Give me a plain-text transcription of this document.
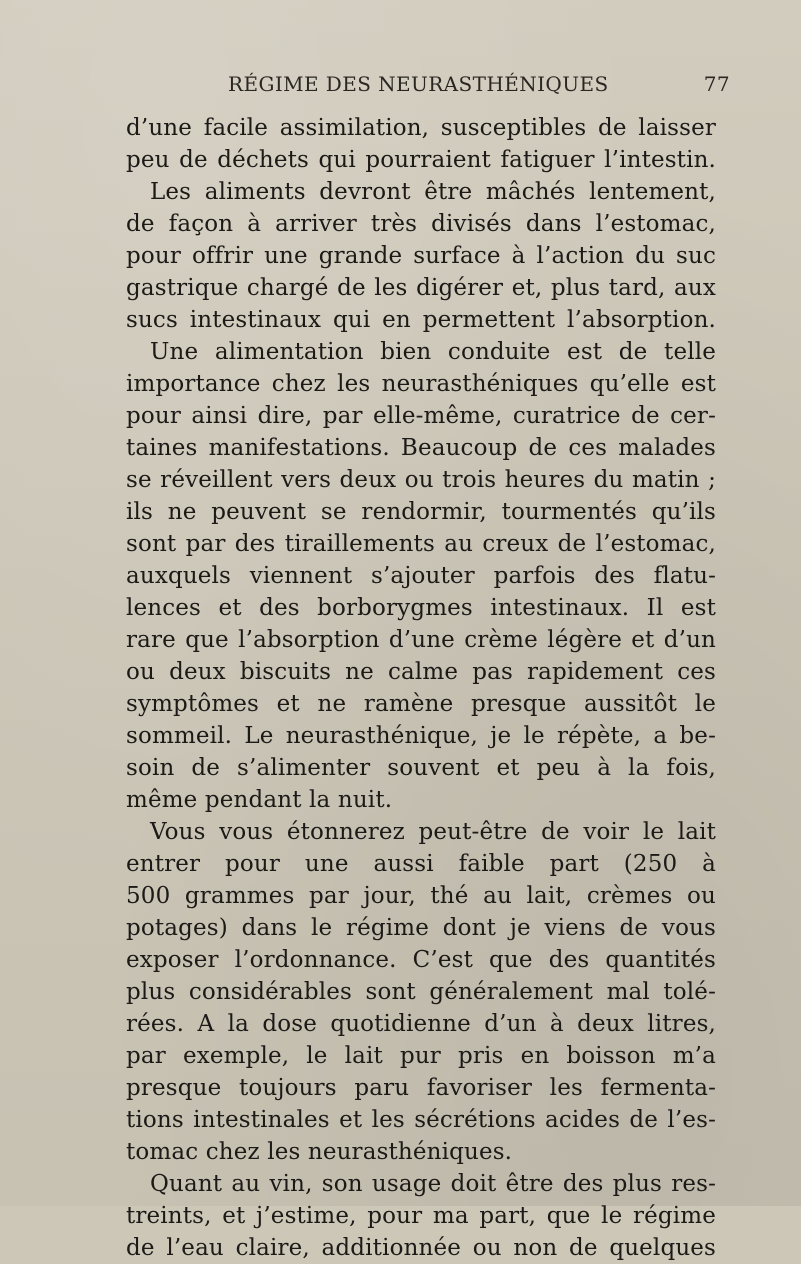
RÉGIME DES NEURASTHÉNIQUES	77
d’une facile assimilation, susceptibles de laisser
peu de déchets qui pourraient fatiguer l’intestin.
Les aliments devront être mâchés lentement,
de façon à arriver très divisés dans l’estomac,
pour offrir une grande surface à l’action du suc
gastrique chargé de les digérer et, plus tard, aux
sucs intestinaux qui en permettent l’absorption.
Une alimentation bien conduite est de telle
importance chez les neurasthéniques qu’elle est
pour ainsi dire, par elle-même, curatrice de cer-
taines manifestations. Beaucoup de ces malades
se réveillent vers deux ou trois heures du matin ;
ils ne peuvent se rendormir, tourmentés qu’ils
sont par des tiraillements au creux de l’estomac,
auxquels viennent s’ajouter parfois des flatu-
lences et des borborygmes intestinaux. Il est
rare que l’absorption d’une crème légère et d’un
ou deux biscuits ne calme pas rapidement ces
symptômes et ne ramène presque aussitôt le
sommeil. Le neurasthénique, je le répète, a be-
soin de s’alimenter souvent et peu à la fois,
même pendant la nuit.
Vous vous étonnerez peut-être de voir le lait
entrer pour une aussi faible part (250 à
500 grammes par jour, thé au lait, crèmes ou
potages) dans le régime dont je viens de vous
exposer l’ordonnance. C’est que des quantités
plus considérables sont généralement mal tolé-
rées. A la dose quotidienne d’un à deux litres,
par exemple, le lait pur pris en boisson m’a
presque toujours paru favoriser les fermenta-
tions intestinales et les sécrétions acides de l’es-
tomac chez les neurasthéniques.
Quant au vin, son usage doit être des plus res-
treints, et j’estime, pour ma part, que le régime
de l’eau claire, additionnée ou non de quelques
